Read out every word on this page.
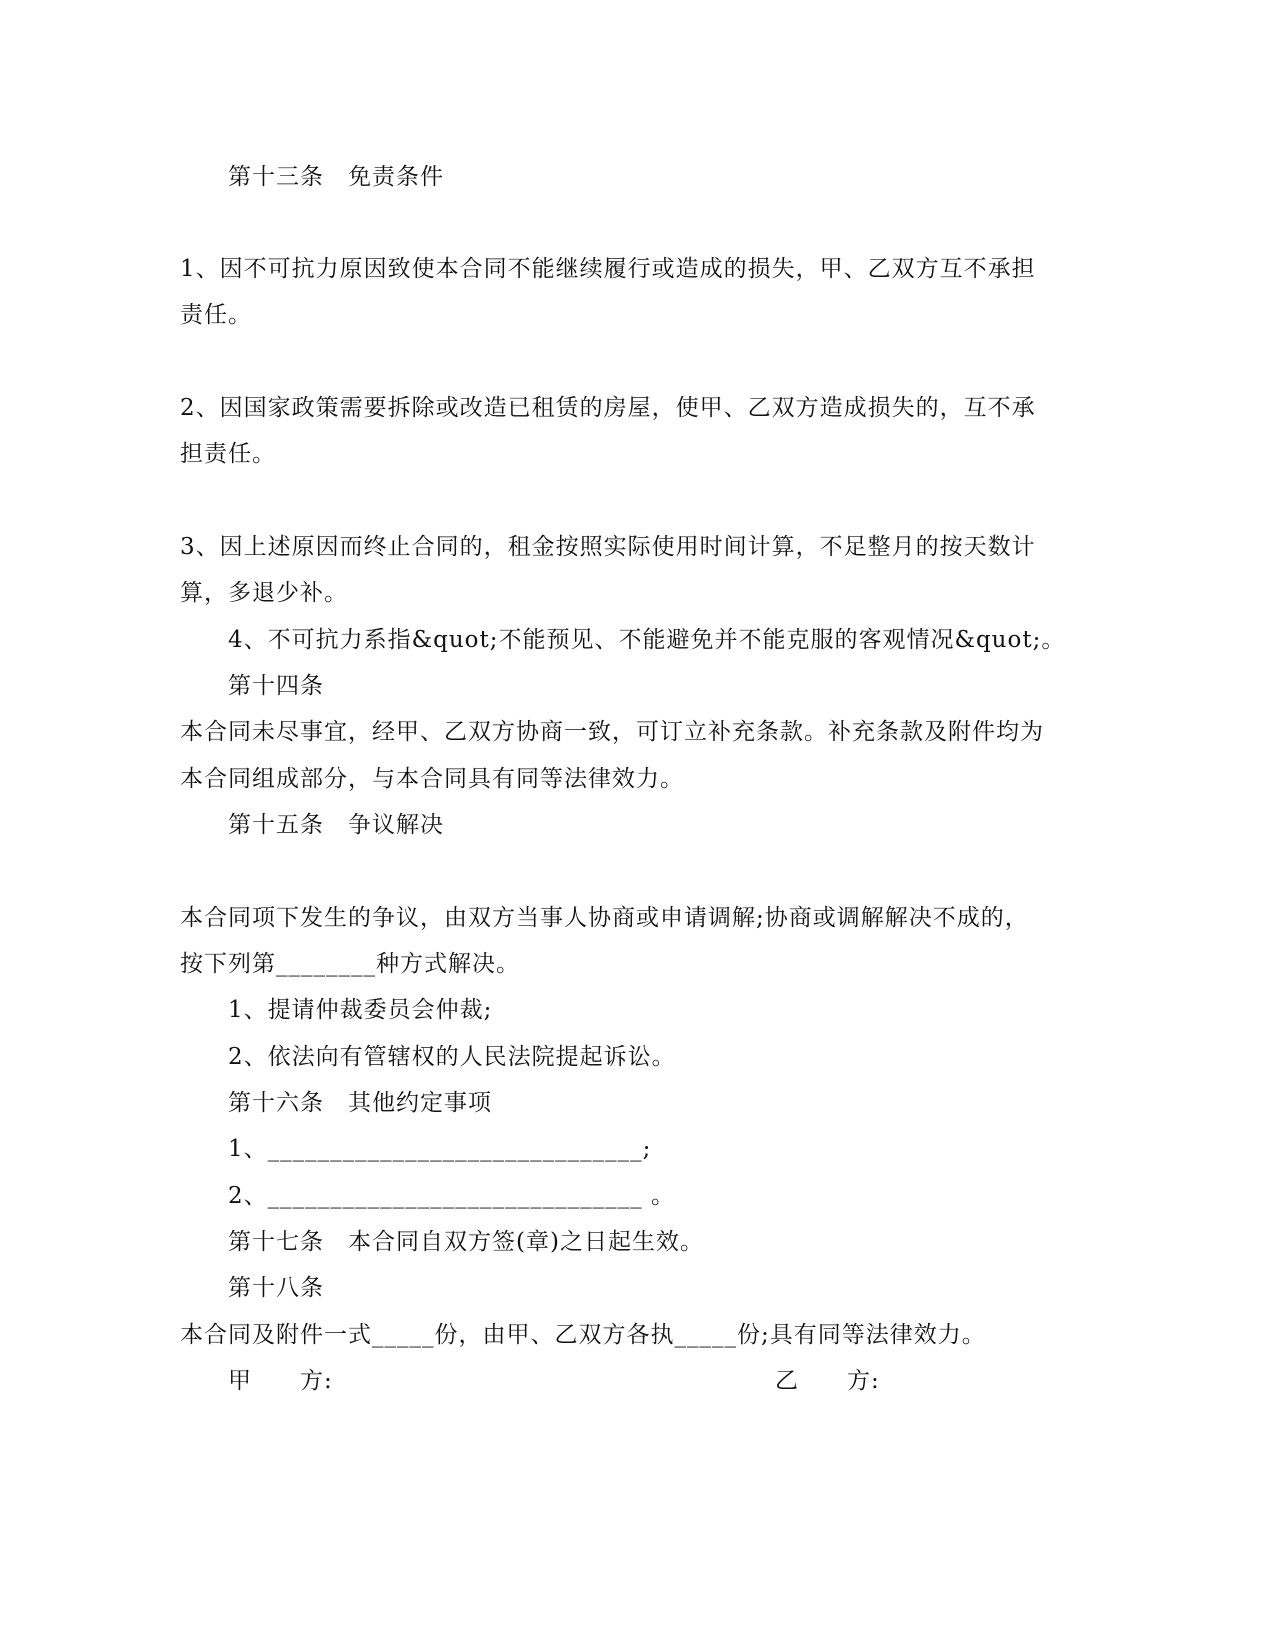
第十三条　免责条件
1、因不可抗力原因致使本合同不能继续履行或造成的损失，甲、乙双方互不承担
责任。
2、因国家政策需要拆除或改造已租赁的房屋，使甲、乙双方造成损失的，互不承
担责任。
3、因上述原因而终止合同的，租金按照实际使用时间计算，不足整月的按天数计
算，多退少补。
4、不可抗力系指&quot;不能预见、不能避免并不能克服的客观情况&quot;。
第十四条
本合同未尽事宜，经甲、乙双方协商一致，可订立补充条款。补充条款及附件均为
本合同组成部分，与本合同具有同等法律效力。
第十五条　争议解决
本合同项下发生的争议，由双方当事人协商或申请调解;协商或调解解决不成的，
按下列第________种方式解决。
1、提请仲裁委员会仲裁;
2、依法向有管辖权的人民法院提起诉讼。
第十六条　其他约定事项
1、______________________________;
2、______________________________ 。
第十七条　本合同自双方签(章)之日起生效。
第十八条
本合同及附件一式_____份，由甲、乙双方各执_____份;具有同等法律效力。
甲　　方:	乙　　方:
